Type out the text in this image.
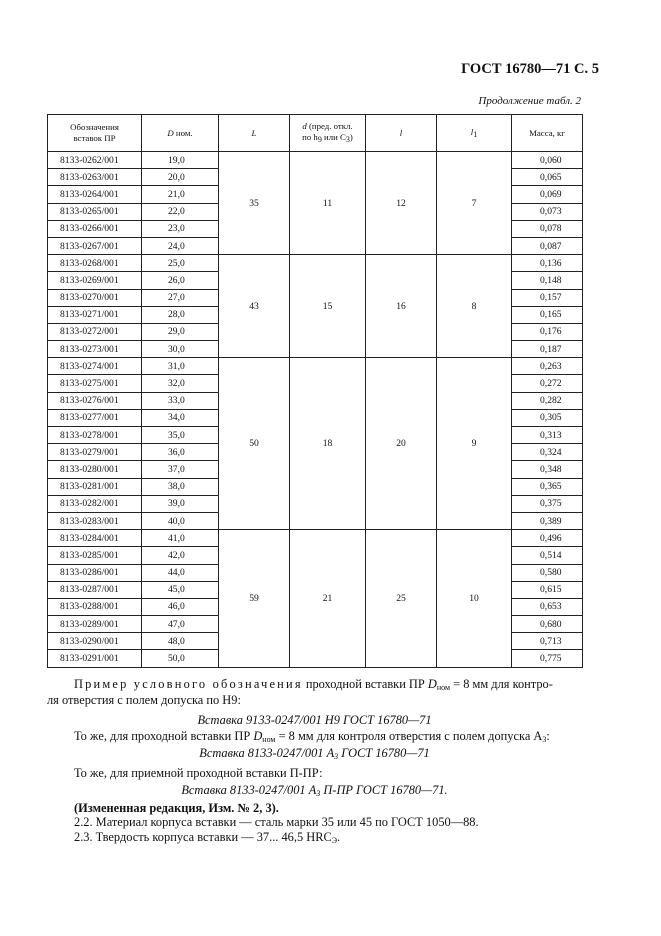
ГОСТ 16780—71 С. 5
Продолжение табл. 2
Обозначения
вставок ПР	D ном.	L	d (пред. откл.
по $h_9$ или $С_3$)	l	$l_1$	Масса, кг
8133-0262/001	19,0	35	11	12	7	0,060
8133-0263/001	20,0					0,065
8133-0264/001	21,0					0,069
8133-0265/001	22,0					0,073
8133-0266/001	23,0					0,078
8133-0267/001	24,0					0,087
8133-0268/001	25,0	43	15	16	8	0,136
8133-0269/001	26,0					0,148
8133-0270/001	27,0					0,157
8133-0271/001	28,0					0,165
8133-0272/001	29,0					0,176
8133-0273/001	30,0					0,187
8133-0274/001	31,0	50	18	20	9	0,263
8133-0275/001	32,0					0,272
8133-0276/001	33,0					0,282
8133-0277/001	34,0					0,305
8133-0278/001	35,0					0,313
8133-0279/001	36,0					0,324
8133-0280/001	37,0					0,348
8133-0281/001	38,0					0,365
8133-0282/001	39,0					0,375
8133-0283/001	40,0					0,389
8133-0284/001	41,0	59	21	25	10	0,496
8133-0285/001	42,0					0,514
8133-0286/001	44,0					0,580
8133-0287/001	45,0					0,615
8133-0288/001	46,0					0,653
8133-0289/001	47,0					0,680
8133-0290/001	48,0					0,713
8133-0291/001	50,0					0,775
Пример условного обозначения проходной вставки ПР $D_{ном} = 8$ мм для контро-
ля отверстия с полем допуска по H9:
Вставка 9133-0247/001 H9 ГОСТ 16780—71
То же, для проходной вставки ПР $D_{ном} = 8$ мм для контроля отверстия с полем допуска $А_3$:
Вставка 8133-0247/001 $А_3$ ГОСТ 16780—71
То же, для приемной проходной вставки П-ПР:
Вставка 8133-0247/001 $А_3$ П-ПР ГОСТ 16780—71.
(Измененная редакция, Изм. № 2, 3).
2.2. Материал корпуса вставки — сталь марки 35 или 45 по ГОСТ 1050—88.
2.3. Твердость корпуса вставки — 37... 46,5 $HRC_Э$.
